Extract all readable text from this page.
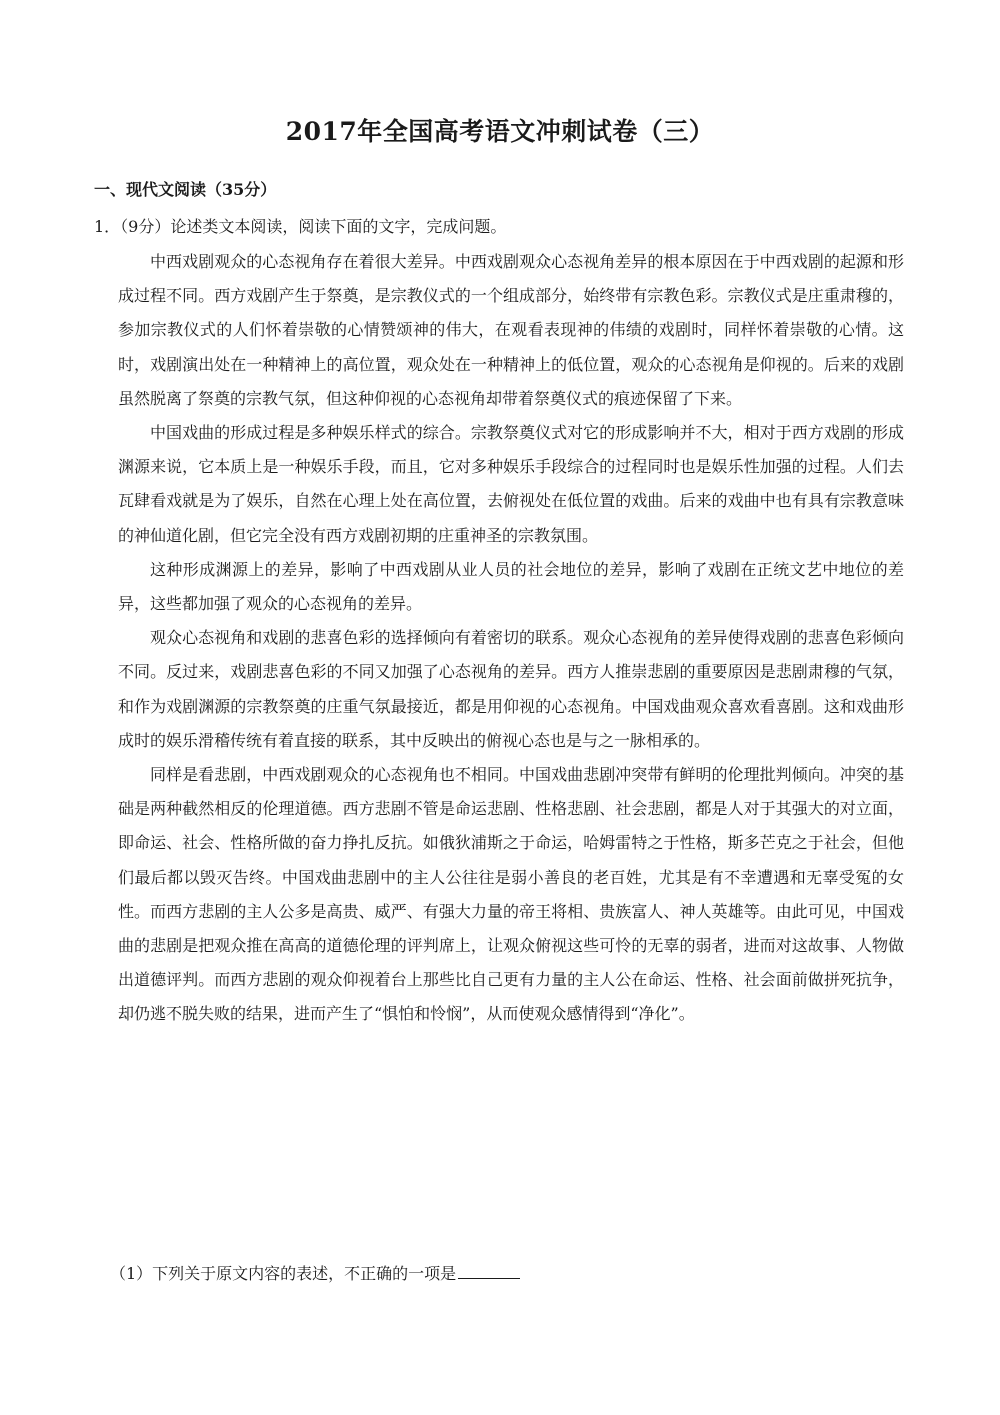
2017年全国高考语文冲刺试卷（三）
一、现代文阅读（35分）
1．（9分）论述类文本阅读，阅读下面的文字，完成问题。

中西戏剧观众的心态视角存在着很大差异。中西戏剧观众心态视角差异的根本原因在于中西戏剧的起源和形成过程不同。西方戏剧产生于祭奠，是宗教仪式的一个组成部分，始终带有宗教色彩。宗教仪式是庄重肃穆的，参加宗教仪式的人们怀着崇敬的心情赞颂神的伟大，在观看表现神的伟绩的戏剧时，同样怀着崇敬的心情。这时，戏剧演出处在一种精神上的高位置，观众处在一种精神上的低位置，观众的心态视角是仰视的。后来的戏剧虽然脱离了祭奠的宗教气氛，但这种仰视的心态视角却带着祭奠仪式的痕迹保留了下来。

中国戏曲的形成过程是多种娱乐样式的综合。宗教祭奠仪式对它的形成影响并不大，相对于西方戏剧的形成渊源来说，它本质上是一种娱乐手段，而且，它对多种娱乐手段综合的过程同时也是娱乐性加强的过程。人们去瓦肆看戏就是为了娱乐，自然在心理上处在高位置，去俯视处在低位置的戏曲。后来的戏曲中也有具有宗教意味的神仙道化剧，但它完全没有西方戏剧初期的庄重神圣的宗教氛围。

这种形成渊源上的差异，影响了中西戏剧从业人员的社会地位的差异，影响了戏剧在正统文艺中地位的差异，这些都加强了观众的心态视角的差异。

观众心态视角和戏剧的悲喜色彩的选择倾向有着密切的联系。观众心态视角的差异使得戏剧的悲喜色彩倾向不同。反过来，戏剧悲喜色彩的不同又加强了心态视角的差异。西方人推崇悲剧的重要原因是悲剧肃穆的气氛，和作为戏剧渊源的宗教祭奠的庄重气氛最接近，都是用仰视的心态视角。中国戏曲观众喜欢看喜剧。这和戏曲形成时的娱乐滑稽传统有着直接的联系，其中反映出的俯视心态也是与之一脉相承的。

同样是看悲剧，中西戏剧观众的心态视角也不相同。中国戏曲悲剧冲突带有鲜明的伦理批判倾向。冲突的基础是两种截然相反的伦理道德。西方悲剧不管是命运悲剧、性格悲剧、社会悲剧，都是人对于其强大的对立面，即命运、社会、性格所做的奋力挣扎反抗。如俄狄浦斯之于命运，哈姆雷特之于性格，斯多芒克之于社会，但他们最后都以毁灭告终。中国戏曲悲剧中的主人公往往是弱小善良的老百姓，尤其是有不幸遭遇和无辜受冤的女性。而西方悲剧的主人公多是高贵、威严、有强大力量的帝王将相、贵族富人、神人英雄等。由此可见，中国戏曲的悲剧是把观众推在高高的道德伦理的评判席上，让观众俯视这些可怜的无辜的弱者，进而对这故事、人物做出道德评判。而西方悲剧的观众仰视着台上那些比自己更有力量的主人公在命运、性格、社会面前做拼死抗争，却仍逃不脱失败的结果，进而产生了“惧怕和怜悯”，从而使观众感情得到“净化”。

（1）下列关于原文内容的表述，不正确的一项是
